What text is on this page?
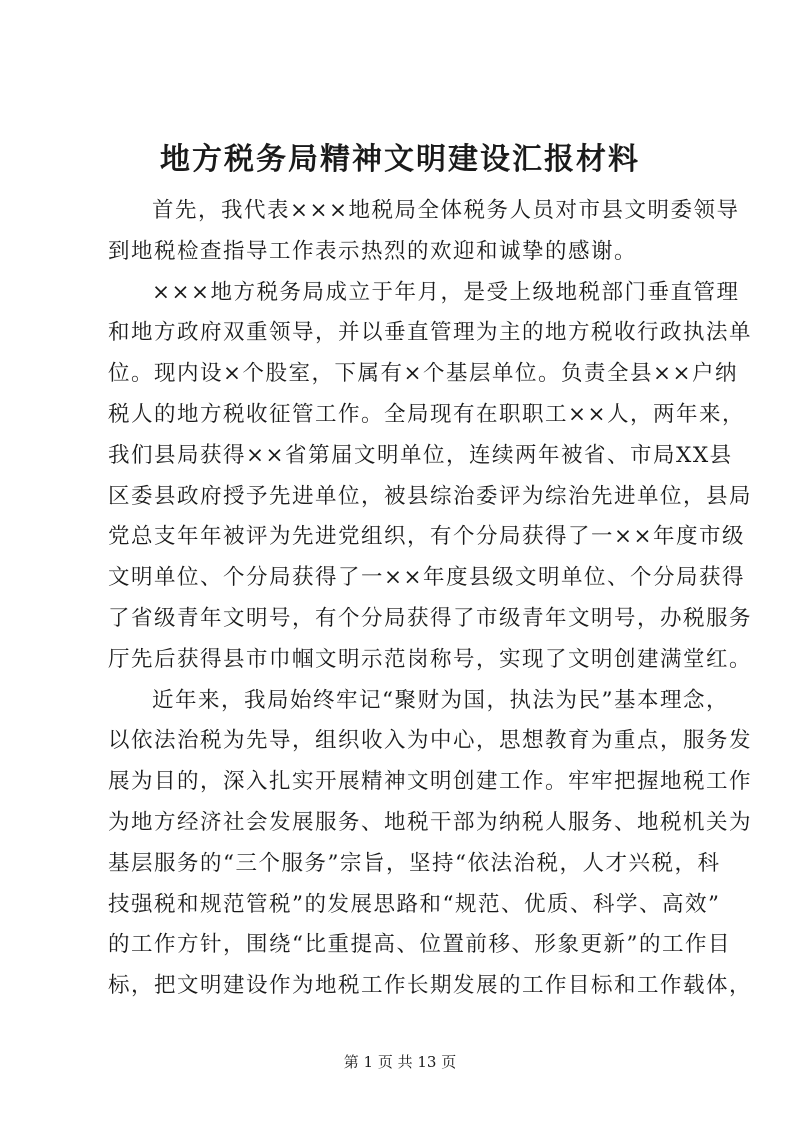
地方税务局精神文明建设汇报材料
首先，我代表×××地税局全体税务人员对市县文明委领导
到地税检查指导工作表示热烈的欢迎和诚挚的感谢。
×××地方税务局成立于年月，是受上级地税部门垂直管理
和地方政府双重领导，并以垂直管理为主的地方税收行政执法单
位。现内设×个股室，下属有×个基层单位。负责全县××户纳
税人的地方税收征管工作。全局现有在职职工××人，两年来，
我们县局获得××省第届文明单位，连续两年被省、市局XX县
区委县政府授予先进单位，被县综治委评为综治先进单位，县局
党总支年年被评为先进党组织，有个分局获得了一××年度市级
文明单位、个分局获得了一××年度县级文明单位、个分局获得
了省级青年文明号，有个分局获得了市级青年文明号，办税服务
厅先后获得县市巾帼文明示范岗称号，实现了文明创建满堂红。
近年来，我局始终牢记“聚财为国，执法为民”基本理念，
以依法治税为先导，组织收入为中心，思想教育为重点，服务发
展为目的，深入扎实开展精神文明创建工作。牢牢把握地税工作
为地方经济社会发展服务、地税干部为纳税人服务、地税机关为
基层服务的“三个服务”宗旨，坚持“依法治税，人才兴税，科
技强税和规范管税”的发展思路和“规范、优质、科学、高效”
的工作方针，围绕“比重提高、位置前移、形象更新”的工作目
标，把文明建设作为地税工作长期发展的工作目标和工作载体，
第 1 页 共 13 页
